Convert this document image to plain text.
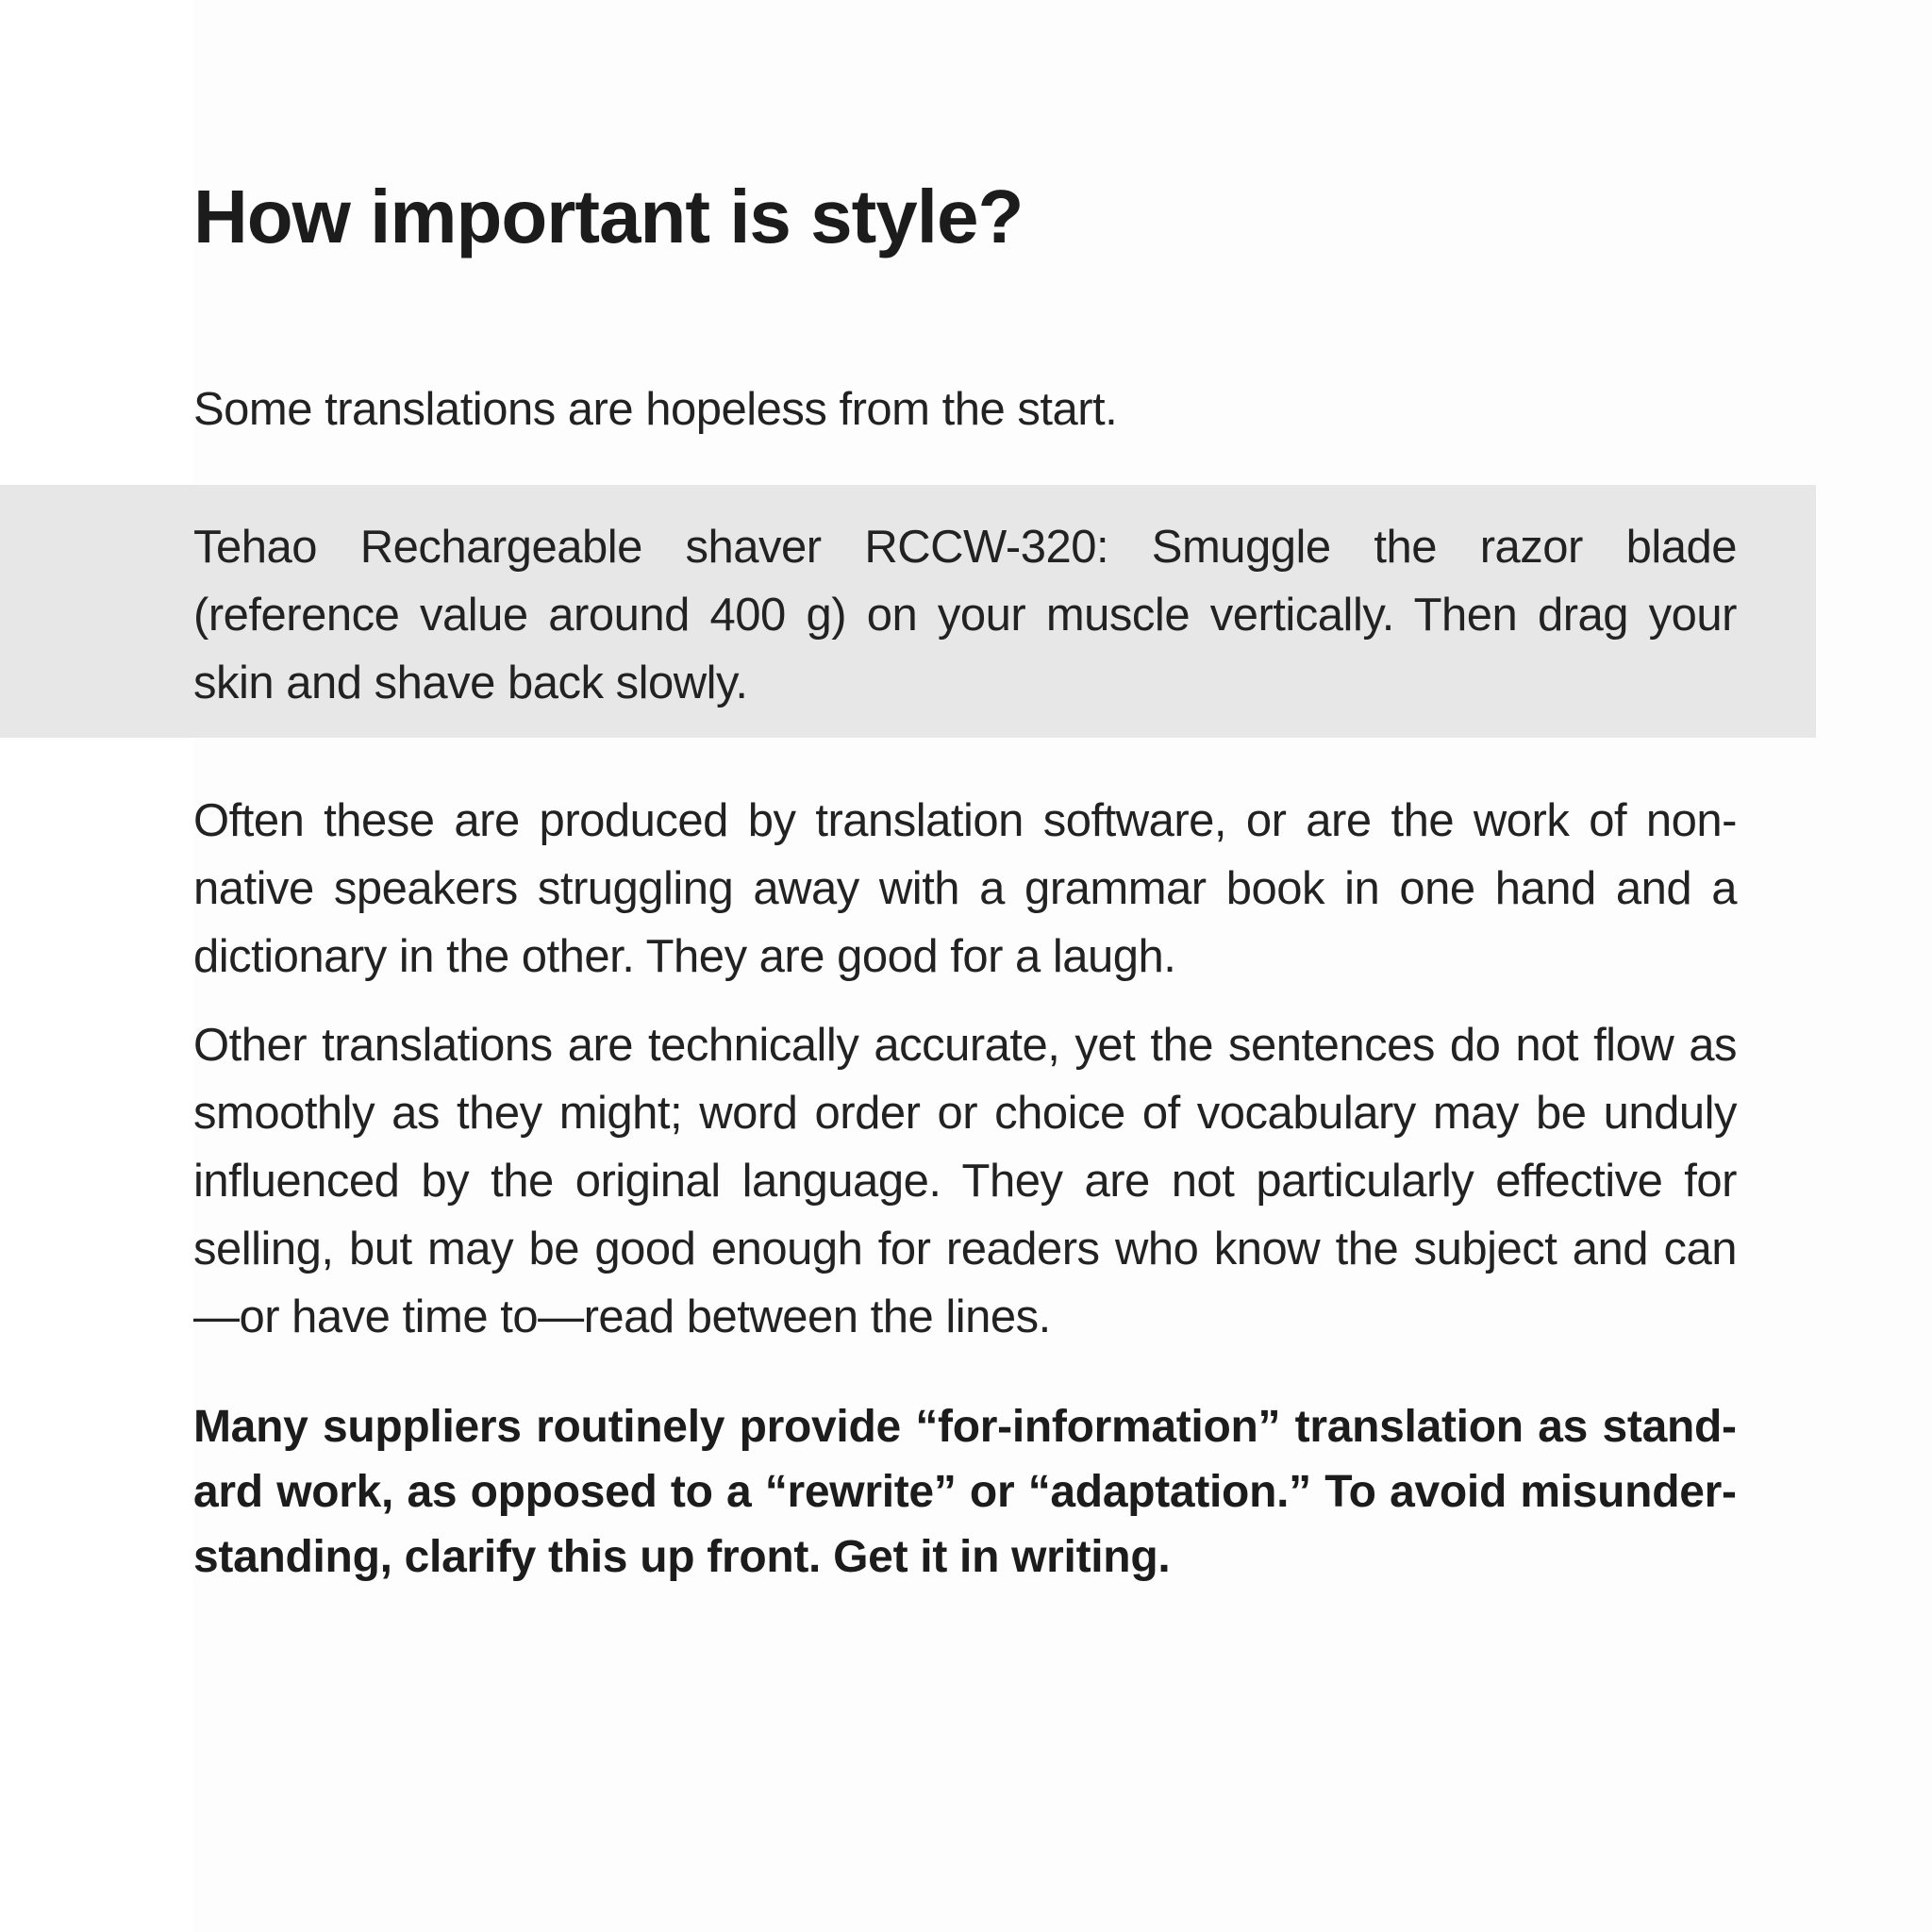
How important is style?

Some translations are hopeless from the start.

Tehao Rechargeable shaver RCCW-320: Smuggle the razor blade (reference value around 400 g) on your muscle vertically. Then drag your skin and shave back slowly.

Often these are produced by translation software, or are the work of non-native speakers struggling away with a grammar book in one hand and a dictionary in the other. They are good for a laugh.

Other translations are technically accurate, yet the sentences do not flow as smoothly as they might; word order or choice of vocabulary may be unduly influenced by the original language. They are not particularly effective for selling, but may be good enough for readers who know the subject and can—or have time to—read between the lines.

Many suppliers routinely provide “for-information” translation as standard work, as opposed to a “rewrite” or “adaptation.” To avoid misunderstanding, clarify this up front. Get it in writing.
